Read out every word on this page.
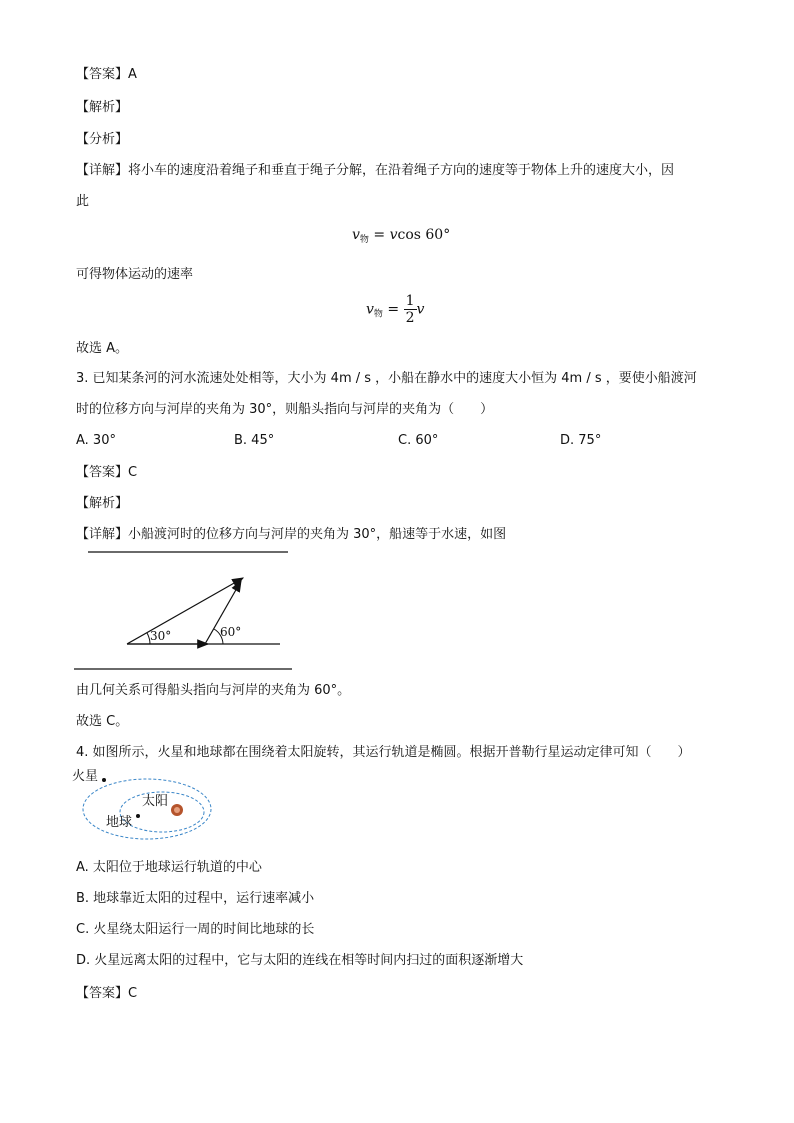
【答案】A
【解析】
【分析】
【详解】将小车的速度沿着绳子和垂直于绳子分解，在沿着绳子方向的速度等于物体上升的速度大小，因
此
$v_物 = vcos$ 60°
可得物体运动的速率
$v_物 = \frac{1}{2}$ v
故选 A。
3. 已知某条河的河水流速处处相等，大小为 4m / s ，小船在静水中的速度大小恒为 4m / s ，要使小船渡河
时的位移方向与河岸的夹角为 30°，则船头指向与河岸的夹角为（　　）
A. 30°	B. 45°	C. 60°	D. 75°
【答案】C
【解析】
【详解】小船渡河时的位移方向与河岸的夹角为 30°，船速等于水速，如图
30°	60°
由几何关系可得船头指向与河岸的夹角为 60°。
故选 C。
4. 如图所示，火星和地球都在围绕着太阳旋转，其运行轨道是椭圆。根据开普勒行星运动定律可知（　　）
火星
太阳
地球
A. 太阳位于地球运行轨道的中心
B. 地球靠近太阳的过程中，运行速率减小
C. 火星绕太阳运行一周的时间比地球的长
D. 火星远离太阳的过程中，它与太阳的连线在相等时间内扫过的面积逐渐增大
【答案】C
